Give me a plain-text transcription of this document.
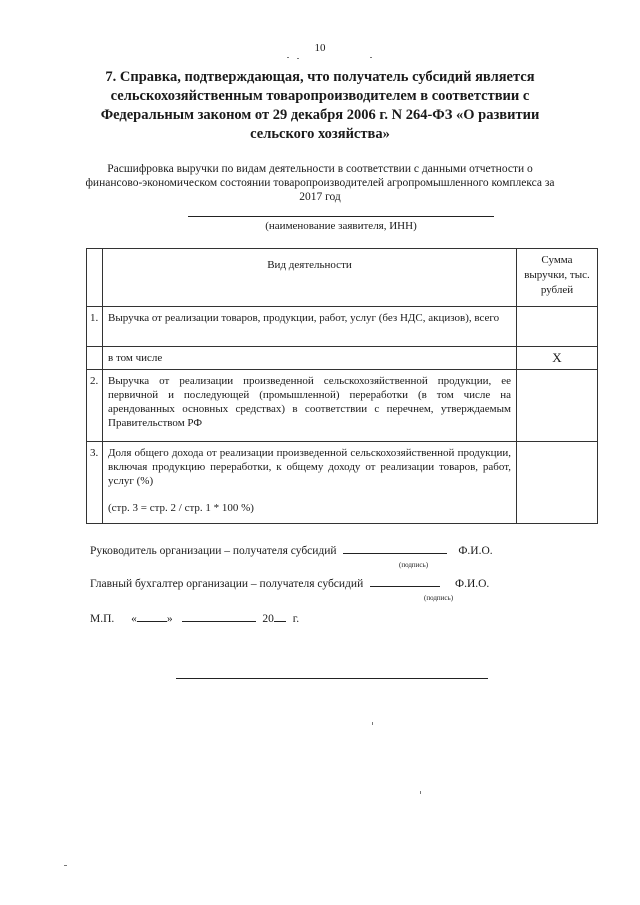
10
7. Справка, подтверждающая, что получатель субсидий является сельскохозяйственным товаропроизводителем в соответствии с Федеральным законом от 29 декабря 2006 г. N 264-ФЗ «О развитии сельского хозяйства»
Расшифровка выручки по видам деятельности в соответствии с данными отчетности о финансово-экономическом состоянии товаропроизводителей агропромышленного комплекса за 2017 год
(наименование заявителя, ИНН)
	Вид деятельности	Сумма выручки, тыс. рублей
1.	Выручка от реализации товаров, продукции, работ, услуг (без НДС, акцизов), всего	
	в том числе	Х
2.	Выручка от реализации произведенной сельскохозяйственной продукции, ее первичной и последующей (промышленной) переработки (в том числе на арендованных основных средствах) в соответствии с перечнем, утверждаемым Правительством РФ	
3.	Доля общего дохода от реализации произведенной сельскохозяйственной продукции, включая продукцию переработки, к общему доходу от реализации товаров, работ, услуг (%)
(стр. 3 = стр. 2 / стр. 1 * 100 %)	

Руководитель организации – получателя субсидий	Ф.И.О.
(подпись)
Главный бухгалтер организации – получателя субсидий	Ф.И.О.
(подпись)
М.П. «	»	20 г.
